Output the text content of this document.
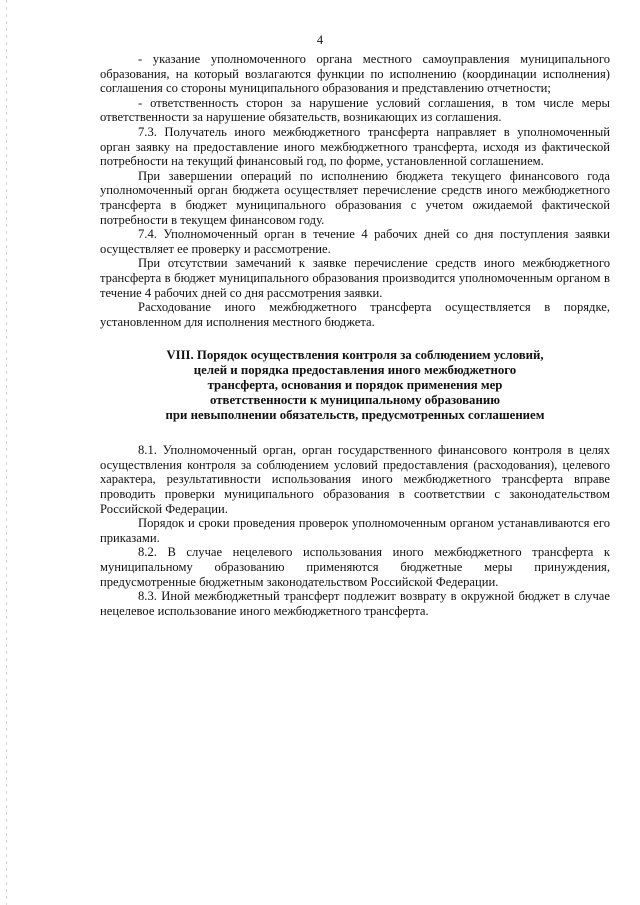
4

- указание уполномоченного органа местного самоуправления муниципального образования, на который возлагаются функции по исполнению (координации исполнения) соглашения со стороны муниципального образования и представлению отчетности;

- ответственность сторон за нарушение условий соглашения, в том числе меры ответственности за нарушение обязательств, возникающих из соглашения.

7.3. Получатель иного межбюджетного трансферта направляет в уполномоченный орган заявку на предоставление иного межбюджетного трансферта, исходя из фактической потребности на текущий финансовый год, по форме, установленной соглашением.

При завершении операций по исполнению бюджета текущего финансового года уполномоченный орган бюджета осуществляет перечисление средств иного межбюджетного трансферта в бюджет муниципального образования с учетом ожидаемой фактической потребности в текущем финансовом году.

7.4. Уполномоченный орган в течение 4 рабочих дней со дня поступления заявки осуществляет ее проверку и рассмотрение.

При отсутствии замечаний к заявке перечисление средств иного межбюджетного трансферта в бюджет муниципального образования производится уполномоченным органом в течение 4 рабочих дней со дня рассмотрения заявки.

Расходование иного межбюджетного трансферта осуществляется в порядке, установленном для исполнения местного бюджета.

VIII. Порядок осуществления контроля за соблюдением условий,
целей и порядка предоставления иного межбюджетного
трансферта, основания и порядок применения мер
ответственности к муниципальному образованию
при невыполнении обязательств, предусмотренных соглашением

8.1. Уполномоченный орган, орган государственного финансового контроля в целях осуществления контроля за соблюдением условий предоставления (расходования), целевого характера, результативности использования иного межбюджетного трансферта вправе проводить проверки муниципального образования в соответствии с законодательством Российской Федерации.

Порядок и сроки проведения проверок уполномоченным органом устанавливаются его приказами.

8.2. В случае нецелевого использования иного межбюджетного трансферта к муниципальному образованию применяются бюджетные меры принуждения, предусмотренные бюджетным законодательством Российской Федерации.

8.3. Иной межбюджетный трансферт подлежит возврату в окружной бюджет в случае нецелевое использование иного межбюджетного трансферта.
